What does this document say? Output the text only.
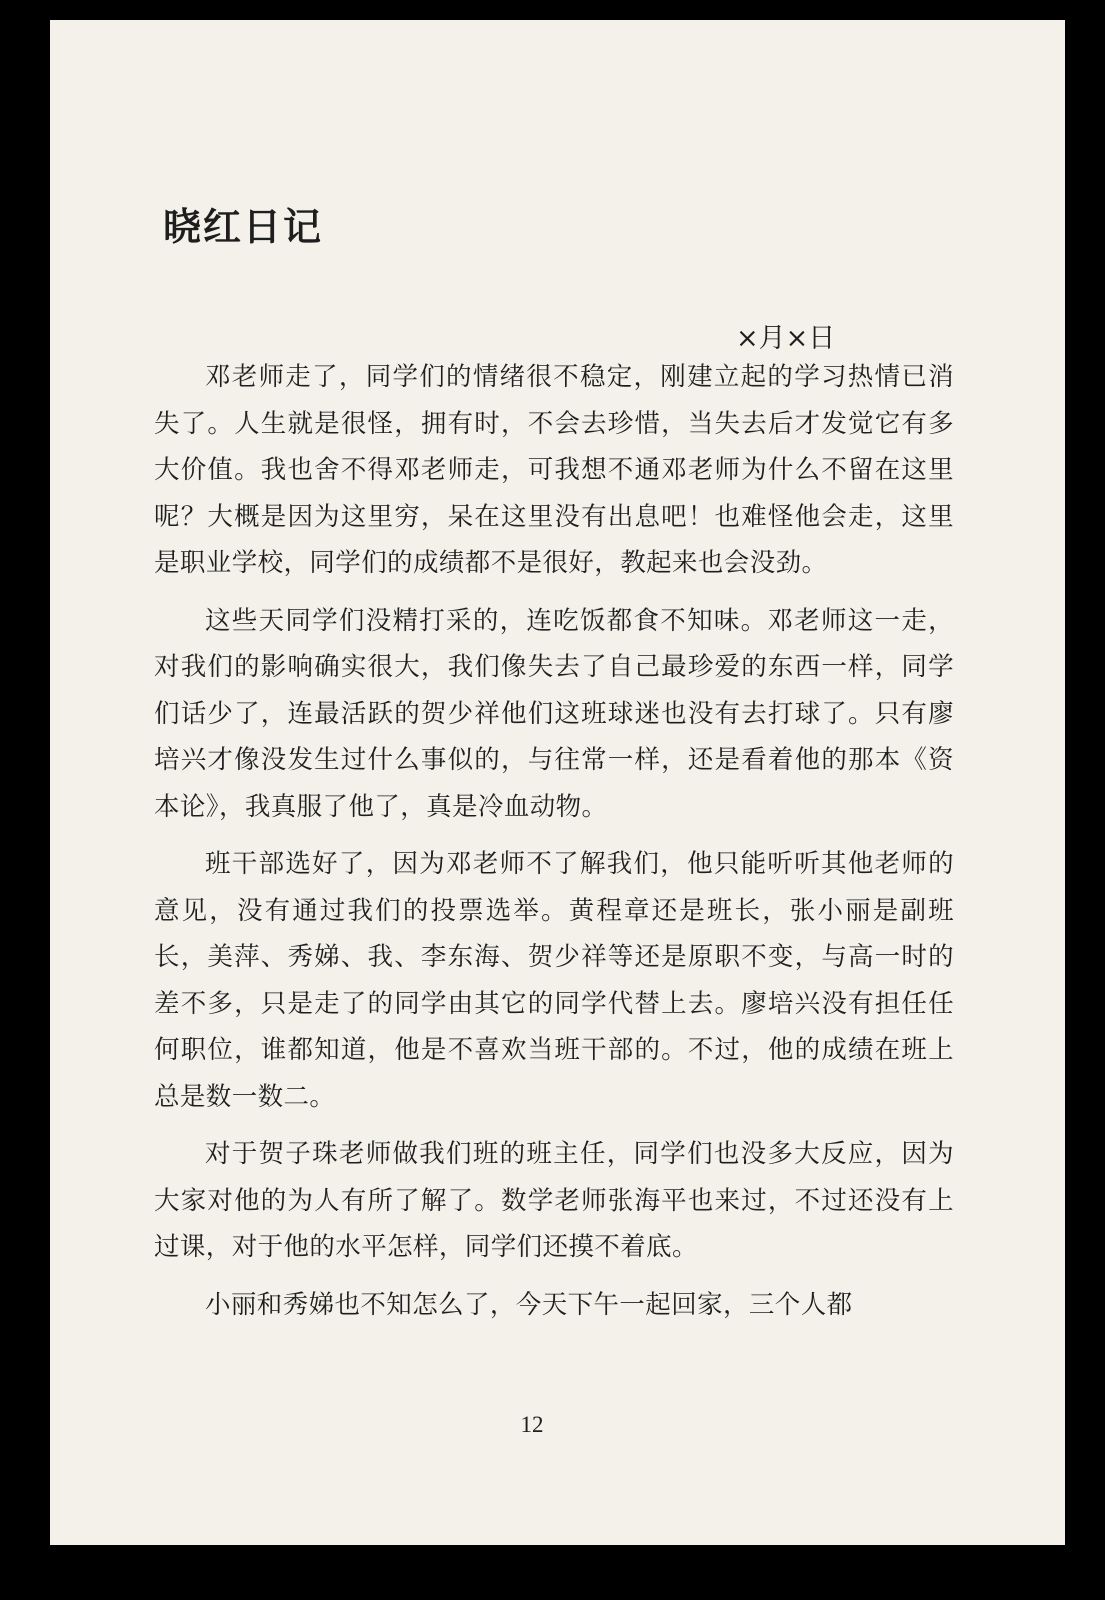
晓红日记
×月×日

邓老师走了，同学们的情绪很不稳定，刚建立起的学习热情已消失了。人生就是很怪，拥有时，不会去珍惜，当失去后才发觉它有多大价值。我也舍不得邓老师走，可我想不通邓老师为什么不留在这里呢？大概是因为这里穷，呆在这里没有出息吧！也难怪他会走，这里是职业学校，同学们的成绩都不是很好，教起来也会没劲。

这些天同学们没精打采的，连吃饭都食不知味。邓老师这一走，对我们的影响确实很大，我们像失去了自己最珍爱的东西一样，同学们话少了，连最活跃的贺少祥他们这班球迷也没有去打球了。只有廖培兴才像没发生过什么事似的，与往常一样，还是看着他的那本《资本论》，我真服了他了，真是冷血动物。

班干部选好了，因为邓老师不了解我们，他只能听听其他老师的意见，没有通过我们的投票选举。黄程章还是班长，张小丽是副班长，美萍、秀娣、我、李东海、贺少祥等还是原职不变，与高一时的差不多，只是走了的同学由其它的同学代替上去。廖培兴没有担任任何职位，谁都知道，他是不喜欢当班干部的。不过，他的成绩在班上总是数一数二。

对于贺子珠老师做我们班的班主任，同学们也没多大反应，因为大家对他的为人有所了解了。数学老师张海平也来过，不过还没有上过课，对于他的水平怎样，同学们还摸不着底。

小丽和秀娣也不知怎么了，今天下午一起回家，三个人都

12
